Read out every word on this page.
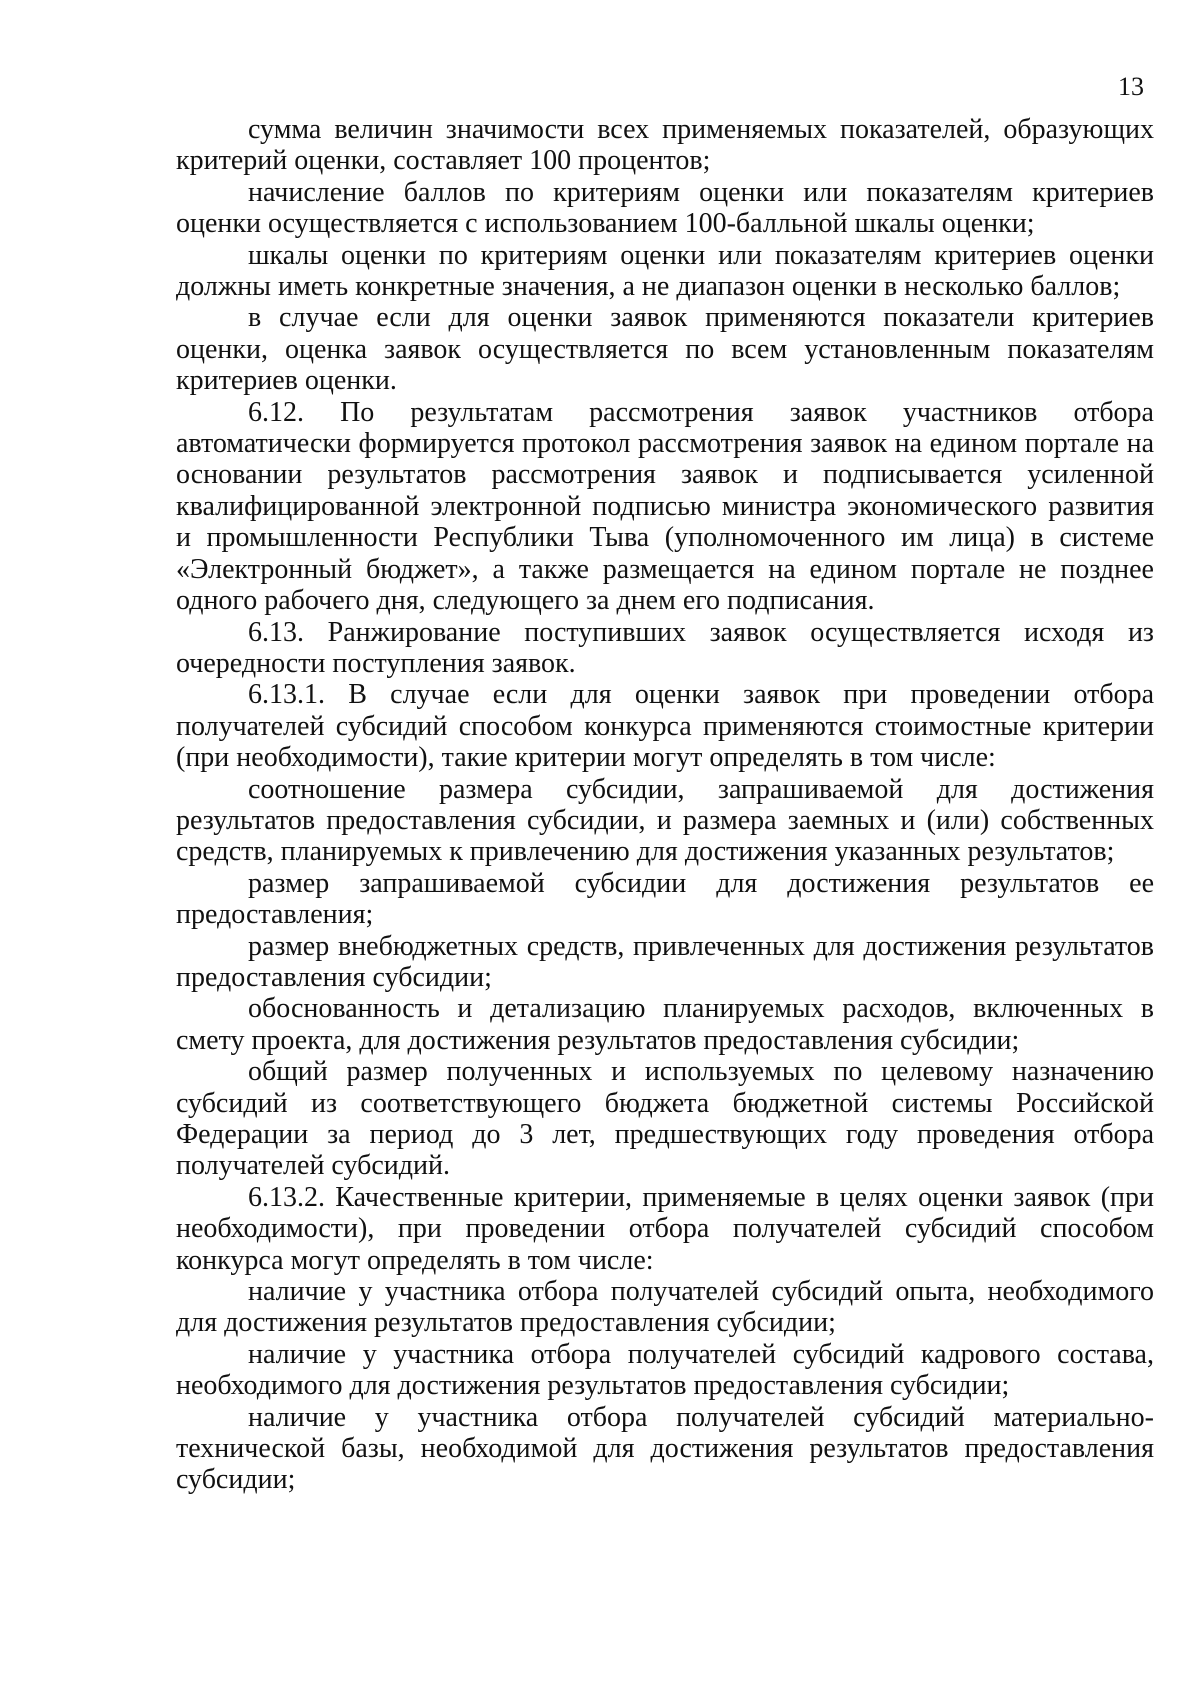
13

сумма величин значимости всех применяемых показателей, образующих критерий оценки, составляет 100 процентов;

начисление баллов по критериям оценки или показателям критериев оценки осуществляется с использованием 100-балльной шкалы оценки;

шкалы оценки по критериям оценки или показателям критериев оценки должны иметь конкретные значения, а не диапазон оценки в несколько баллов;

в случае если для оценки заявок применяются показатели критериев оценки, оценка заявок осуществляется по всем установленным показателям критериев оценки.

6.12. По результатам рассмотрения заявок участников отбора автоматически формируется протокол рассмотрения заявок на едином портале на основании результатов рассмотрения заявок и подписывается усиленной квалифицированной электронной подписью министра экономического развития и промышленности Республики Тыва (уполномоченного им лица) в системе «Электронный бюджет», а также размещается на едином портале не позднее одного рабочего дня, следующего за днем его подписания.

6.13. Ранжирование поступивших заявок осуществляется исходя из очередности поступления заявок.

6.13.1. В случае если для оценки заявок при проведении отбора получателей субсидий способом конкурса применяются стоимостные критерии (при необходимости), такие критерии могут определять в том числе:

соотношение размера субсидии, запрашиваемой для достижения результатов предоставления субсидии, и размера заемных и (или) собственных средств, планируемых к привлечению для достижения указанных результатов;

размер запрашиваемой субсидии для достижения результатов ее предоставления;

размер внебюджетных средств, привлеченных для достижения результатов предоставления субсидии;

обоснованность и детализацию планируемых расходов, включенных в смету проекта, для достижения результатов предоставления субсидии;

общий размер полученных и используемых по целевому назначению субсидий из соответствующего бюджета бюджетной системы Российской Федерации за период до 3 лет, предшествующих году проведения отбора получателей субсидий.

6.13.2. Качественные критерии, применяемые в целях оценки заявок (при необходимости), при проведении отбора получателей субсидий способом конкурса могут определять в том числе:

наличие у участника отбора получателей субсидий опыта, необходимого для достижения результатов предоставления субсидии;

наличие у участника отбора получателей субсидий кадрового состава, необходимого для достижения результатов предоставления субсидии;

наличие у участника отбора получателей субсидий материально-технической базы, необходимой для достижения результатов предоставления субсидии;
